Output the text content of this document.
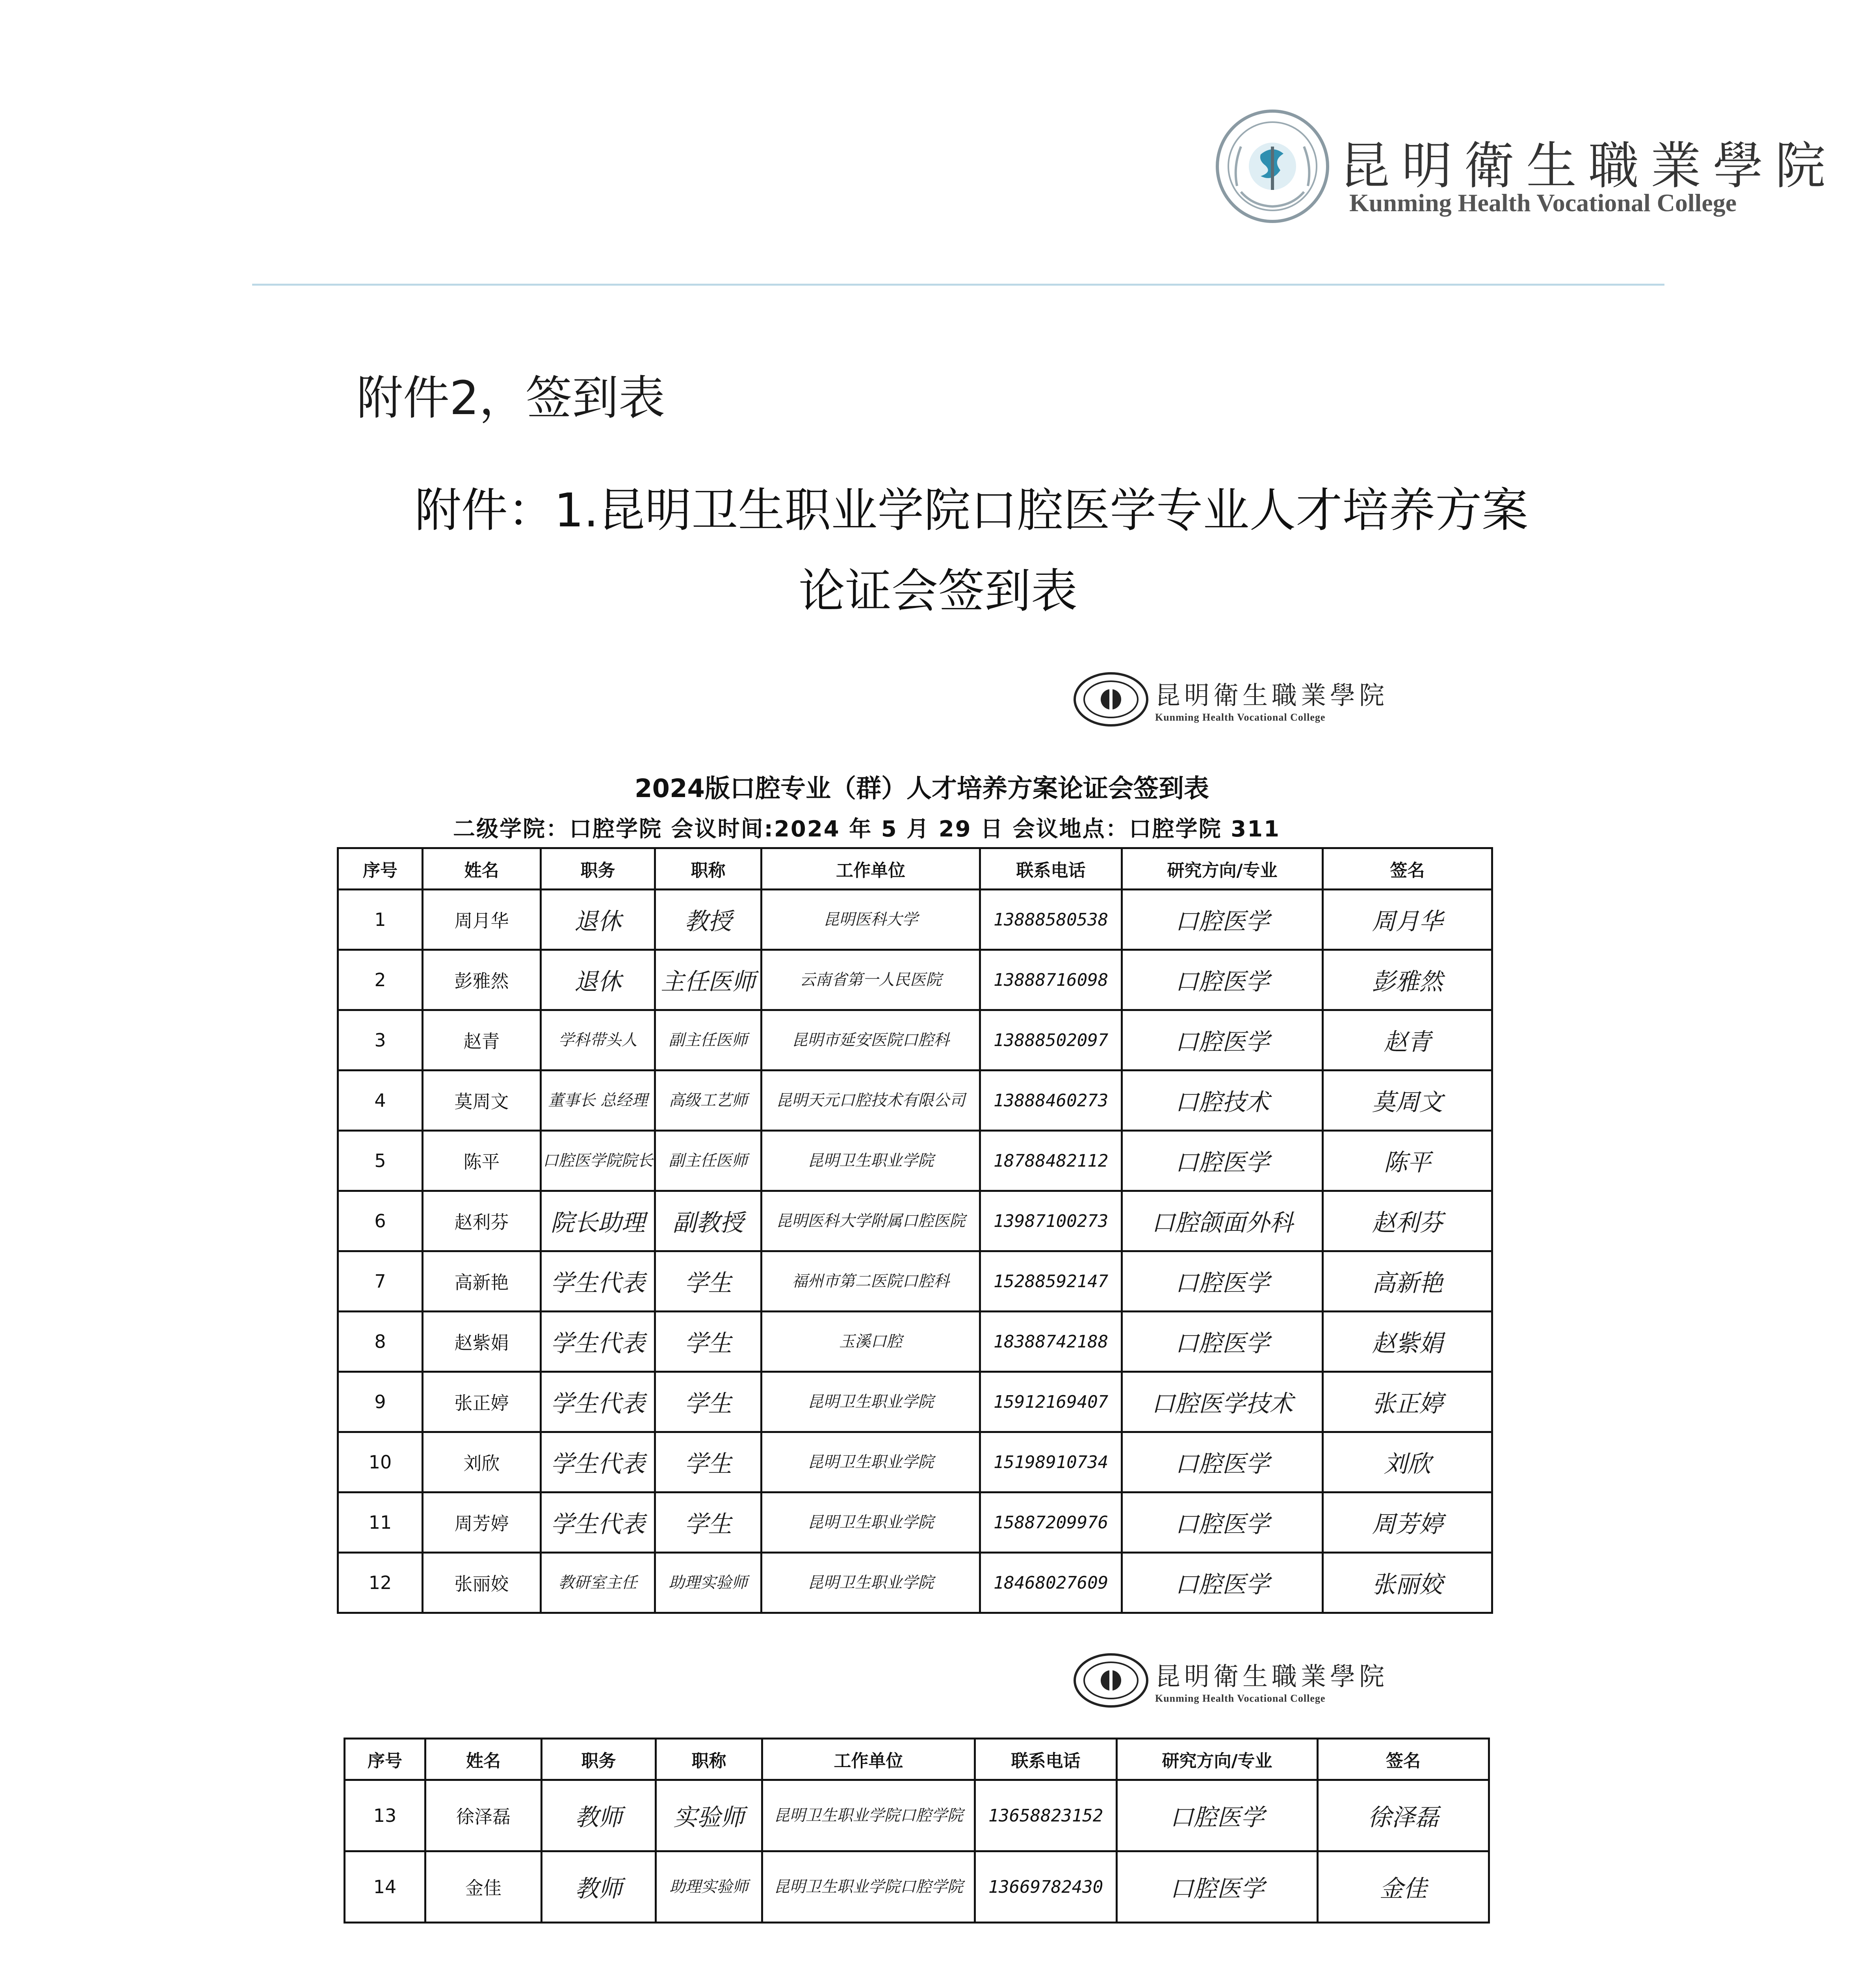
昆明衛生職業學院
Kunming Health Vocational College
附件2，签到表
附件：1.昆明卫生职业学院口腔医学专业人才培养方案
论证会签到表
昆明衛生職業學院
Kunming Health Vocational College
2024版口腔专业（群）人才培养方案论证会签到表
二级学院：口腔学院 会议时间:2024 年 5 月 29 日 会议地点：口腔学院 311
序号	姓名	职务	职称	工作单位	联系电话	研究方向/专业	签名
1	周月华	退休	教授	昆明医科大学	13888580538	口腔医学	周月华
2	彭雅然	退休	主任医师	云南省第一人民医院	13888716098	口腔医学	彭雅然
3	赵青	学科带头人	副主任医师	昆明市延安医院口腔科	13888502097	口腔医学	赵青
4	莫周文	董事长 总经理	高级工艺师	昆明天元口腔技术有限公司	13888460273	口腔技术	莫周文
5	陈平	口腔医学院院长	副主任医师	昆明卫生职业学院	18788482112	口腔医学	陈平
6	赵利芬	院长助理	副教授	昆明医科大学附属口腔医院	13987100273	口腔颌面外科	赵利芬
7	高新艳	学生代表	学生	福州市第二医院口腔科	15288592147	口腔医学	高新艳
8	赵紫娟	学生代表	学生	玉溪口腔	18388742188	口腔医学	赵紫娟
9	张正婷	学生代表	学生	昆明卫生职业学院	15912169407	口腔医学技术	张正婷
10	刘欣	学生代表	学生	昆明卫生职业学院	15198910734	口腔医学	刘欣
11	周芳婷	学生代表	学生	昆明卫生职业学院	15887209976	口腔医学	周芳婷
12	张丽姣	教研室主任	助理实验师	昆明卫生职业学院	18468027609	口腔医学	张丽姣
昆明衛生職業學院
Kunming Health Vocational College
序号	姓名	职务	职称	工作单位	联系电话	研究方向/专业	签名
13	徐泽磊	教师	实验师	昆明卫生职业学院口腔学院	13658823152	口腔医学	徐泽磊
14	金佳	教师	助理实验师	昆明卫生职业学院口腔学院	13669782430	口腔医学	金佳
